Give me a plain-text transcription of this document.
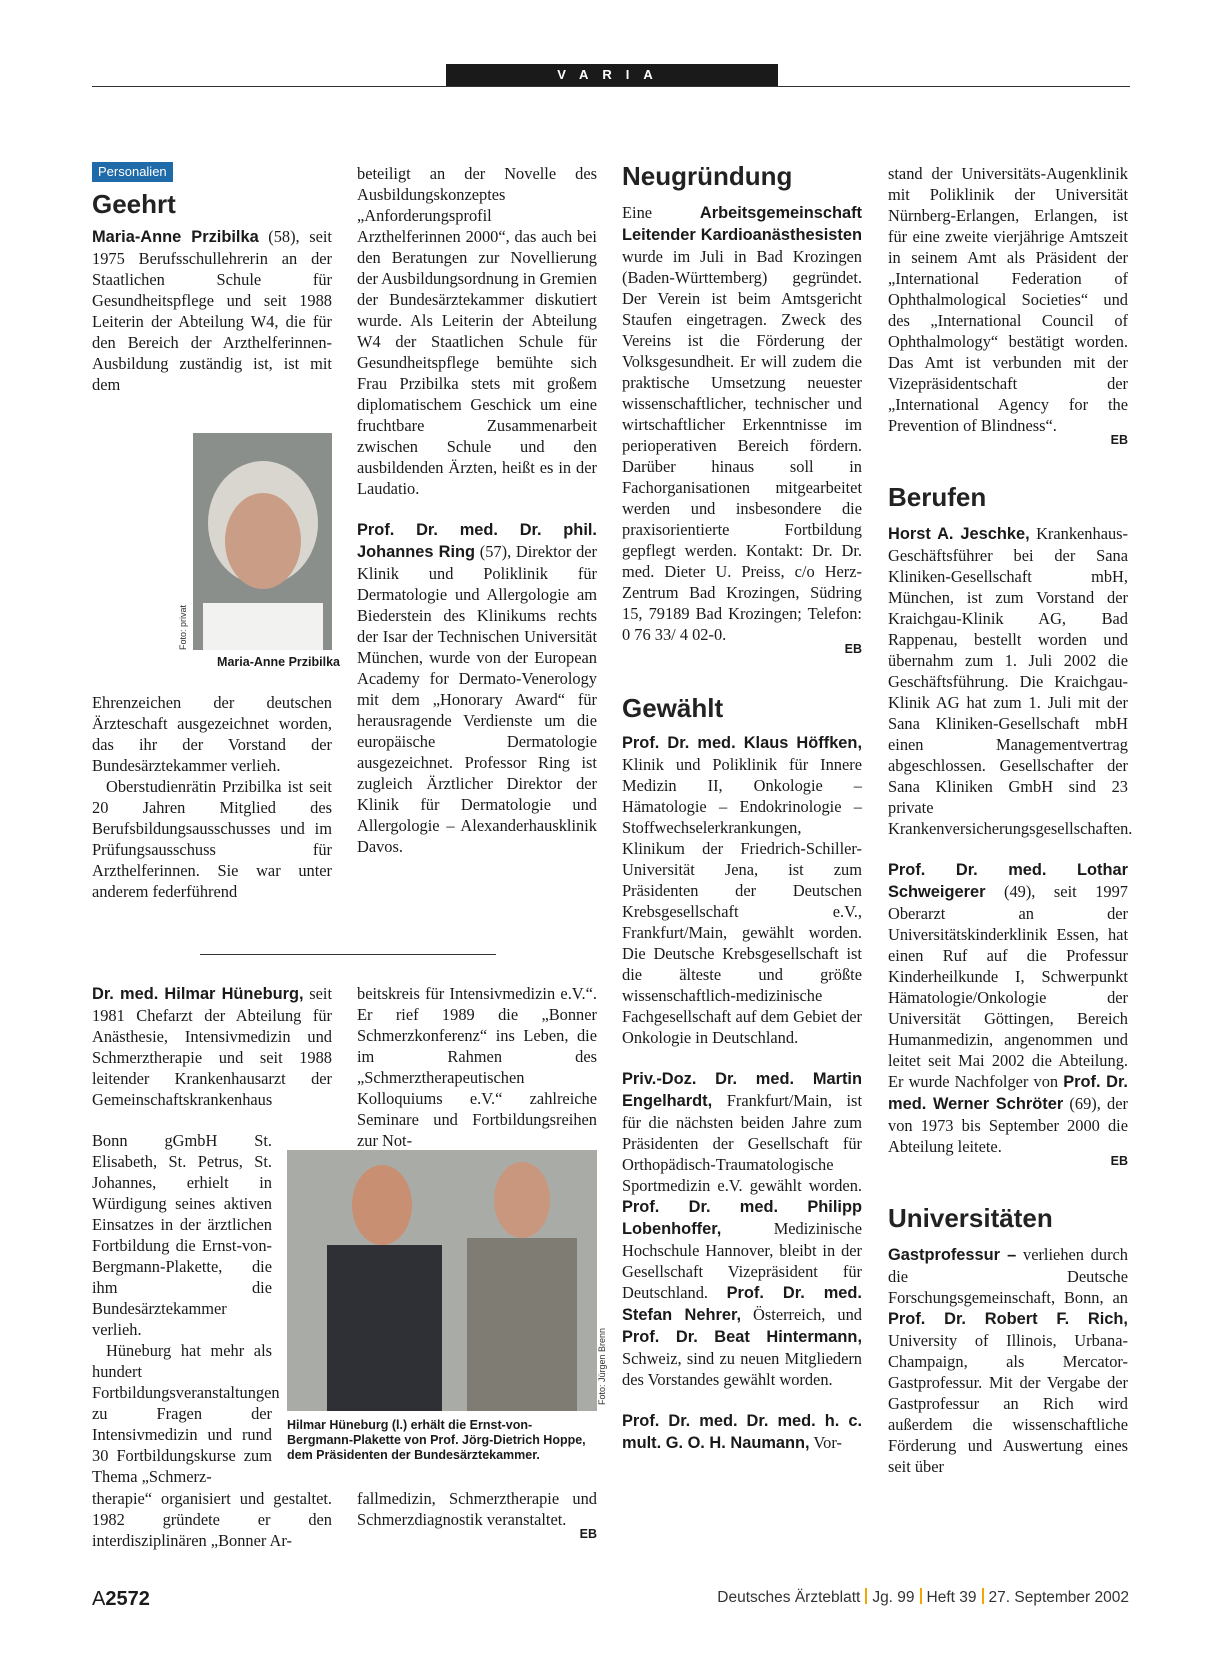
VARIA
Personalien
Geehrt

Maria-Anne Przibilka (58), seit 1975 Berufsschullehrerin an der Staatlichen Schule für Gesundheitspflege und seit 1988 Leiterin der Abteilung W4, die für den Bereich der Arzthelferinnen-Ausbildung zuständig ist, ist mit dem

Foto: privat
Maria-Anne Przibilka

Ehrenzeichen der deutschen Ärzteschaft ausgezeichnet worden, das ihr der Vorstand der Bundesärztekammer verlieh.

Oberstudienrätin Przibilka ist seit 20 Jahren Mitglied des Berufsbildungsausschusses und im Prüfungsausschuss für Arzthelferinnen. Sie war unter anderem federführend

beteiligt an der Novelle des Ausbildungskonzeptes „Anforderungsprofil Arzthelferinnen 2000“, das auch bei den Beratungen zur Novellierung der Ausbildungsordnung in Gremien der Bundesärztekammer diskutiert wurde. Als Leiterin der Abteilung W4 der Staatlichen Schule für Gesundheitspflege bemühte sich Frau Przibilka stets mit großem diplomatischem Geschick um eine fruchtbare Zusammenarbeit zwischen Schule und den ausbildenden Ärzten, heißt es in der Laudatio.

Prof. Dr. med. Dr. phil. Johannes Ring (57), Direktor der Klinik und Poliklinik für Dermatologie und Allergologie am Biederstein des Klinikums rechts der Isar der Technischen Universität München, wurde von der European Academy for Dermato-Venerology mit dem „Honorary Award“ für herausragende Verdienste um die europäische Dermatologie ausgezeichnet. Professor Ring ist zugleich Ärztlicher Direktor der Klinik für Dermatologie und Allergologie – Alexanderhausklinik Davos.

Dr. med. Hilmar Hüneburg, seit 1981 Chefarzt der Abteilung für Anästhesie, Intensivmedizin und Schmerztherapie und seit 1988 leitender Krankenhausarzt der Gemeinschaftskrankenhaus

Bonn gGmbH St. Elisabeth, St. Petrus, St. Johannes, erhielt in Würdigung seines aktiven Einsatzes in der ärztlichen Fortbildung die Ernst-von-Bergmann-Plakette, die ihm die Bundesärztekammer verlieh.

Hüneburg hat mehr als hundert Fortbildungsveranstaltungen zu Fragen der Intensivmedizin und rund 30 Fortbildungskurse zum Thema „Schmerz-

therapie“ organisiert und gestaltet. 1982 gründete er den interdisziplinären „Bonner Ar-

beitskreis für Intensivmedizin e.V.“. Er rief 1989 die „Bonner Schmerzkonferenz“ ins Leben, die im Rahmen des „Schmerztherapeutischen Kolloquiums e.V.“ zahlreiche Seminare und Fortbildungsreihen zur Not-

Foto: Jürgen Brenn
Hilmar Hüneburg (l.) erhält die Ernst-von-Bergmann-Plakette von Prof. Jörg-Dietrich Hoppe, dem Präsidenten der Bundesärztekammer.

fallmedizin, Schmerztherapie und Schmerzdiagnostik veranstaltet.

EB
Neugründung

Eine Arbeitsgemeinschaft Leitender Kardioanästhesisten wurde im Juli in Bad Krozingen (Baden-Württemberg) gegründet. Der Verein ist beim Amtsgericht Staufen eingetragen. Zweck des Vereins ist die Förderung der Volksgesundheit. Er will zudem die praktische Umsetzung neuester wissenschaftlicher, technischer und wirtschaftlicher Erkenntnisse im perioperativen Bereich fördern. Darüber hinaus soll in Fachorganisationen mitgearbeitet werden und insbesondere die praxisorientierte Fortbildung gepflegt werden. Kontakt: Dr. Dr. med. Dieter U. Preiss, c/o Herz-Zentrum Bad Krozingen, Südring 15, 79189 Bad Krozingen; Telefon: 0 76 33/ 4 02-0.

EB
Gewählt

Prof. Dr. med. Klaus Höffken, Klinik und Poliklinik für Innere Medizin II, Onkologie – Hämatologie – Endokrinologie – Stoffwechselerkrankungen, Klinikum der Friedrich-Schiller-Universität Jena, ist zum Präsidenten der Deutschen Krebsgesellschaft e.V., Frankfurt/Main, gewählt worden. Die Deutsche Krebsgesellschaft ist die älteste und größte wissenschaftlich-medizinische Fachgesellschaft auf dem Gebiet der Onkologie in Deutschland.

Priv.-Doz. Dr. med. Martin Engelhardt, Frankfurt/Main, ist für die nächsten beiden Jahre zum Präsidenten der Gesellschaft für Orthopädisch-Traumatologische Sportmedizin e.V. gewählt worden. Prof. Dr. med. Philipp Lobenhoffer, Medizinische Hochschule Hannover, bleibt in der Gesellschaft Vizepräsident für Deutschland. Prof. Dr. med. Stefan Nehrer, Österreich, und Prof. Dr. Beat Hintermann, Schweiz, sind zu neuen Mitgliedern des Vorstandes gewählt worden.

Prof. Dr. med. Dr. med. h. c. mult. G. O. H. Naumann, Vor-

stand der Universitäts-Augenklinik mit Poliklinik der Universität Nürnberg-Erlangen, Erlangen, ist für eine zweite vierjährige Amtszeit in seinem Amt als Präsident der „International Federation of Ophthalmological Societies“ und des „International Council of Ophthalmology“ bestätigt worden. Das Amt ist verbunden mit der Vizepräsidentschaft der „International Agency for the Prevention of Blindness“.

EB
Berufen

Horst A. Jeschke, Krankenhaus-Geschäftsführer bei der Sana Kliniken-Gesellschaft mbH, München, ist zum Vorstand der Kraichgau-Klinik AG, Bad Rappenau, bestellt worden und übernahm zum 1. Juli 2002 die Geschäftsführung. Die Kraichgau-Klinik AG hat zum 1. Juli mit der Sana Kliniken-Gesellschaft mbH einen Managementvertrag abgeschlossen. Gesellschafter der Sana Kliniken GmbH sind 23 private Krankenversicherungsgesellschaften.

Prof. Dr. med. Lothar Schweigerer (49), seit 1997 Oberarzt an der Universitätskinderklinik Essen, hat einen Ruf auf die Professur Kinderheilkunde I, Schwerpunkt Hämatologie/Onkologie der Universität Göttingen, Bereich Humanmedizin, angenommen und leitet seit Mai 2002 die Abteilung. Er wurde Nachfolger von Prof. Dr. med. Werner Schröter (69), der von 1973 bis September 2000 die Abteilung leitete.

EB
Universitäten

Gastprofessur – verliehen durch die Deutsche Forschungsgemeinschaft, Bonn, an Prof. Dr. Robert F. Rich, University of Illinois, Urbana-Champaign, als Mercator-Gastprofessur. Mit der Vergabe der Gastprofessur an Rich wird außerdem die wissenschaftliche Förderung und Auswertung eines seit über

A2572	Deutsches Ärzteblatt Jg. 99 Heft 39 27. September 2002
